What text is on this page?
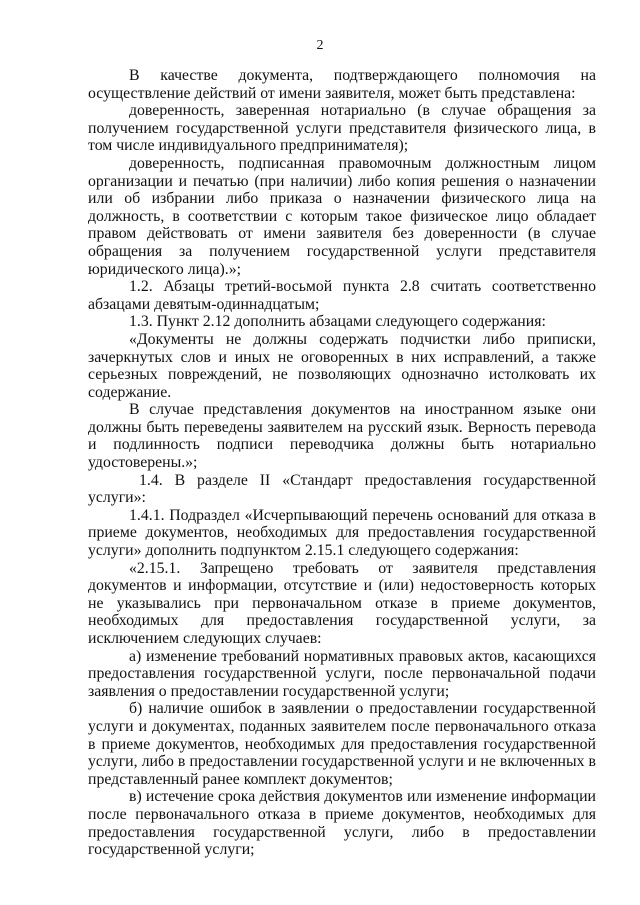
2

В качестве документа, подтверждающего полномочия на осуществление действий от имени заявителя, может быть представлена:

доверенность, заверенная нотариально (в случае обращения за получением государственной услуги представителя физического лица, в том числе индивидуального предпринимателя);

доверенность, подписанная правомочным должностным лицом организации и печатью (при наличии) либо копия решения о назначении или об избрании либо приказа о назначении физического лица на должность, в соответствии с которым такое физическое лицо обладает правом действовать от имени заявителя без доверенности (в случае обращения за получением государственной услуги представителя юридического лица).»;

1.2. Абзацы третий-восьмой пункта 2.8 считать соответственно абзацами девятым-одиннадцатым;

1.3. Пункт 2.12 дополнить абзацами следующего содержания:

«Документы не должны содержать подчистки либо приписки, зачеркнутых слов и иных не оговоренных в них исправлений, а также серьезных повреждений, не позволяющих однозначно истолковать их содержание.

В случае представления документов на иностранном языке они должны быть переведены заявителем на русский язык. Верность перевода и подлинность подписи переводчика должны быть нотариально удостоверены.»;

1.4. В разделе II «Стандарт предоставления государственной услуги»:

1.4.1. Подраздел «Исчерпывающий перечень оснований для отказа в приеме документов, необходимых для предоставления государственной услуги» дополнить подпунктом 2.15.1 следующего содержания:

«2.15.1. Запрещено требовать от заявителя представления документов и информации, отсутствие и (или) недостоверность которых не указывались при первоначальном отказе в приеме документов, необходимых для предоставления государственной услуги, за исключением следующих случаев:

а) изменение требований нормативных правовых актов, касающихся предоставления государственной услуги, после первоначальной подачи заявления о предоставлении государственной услуги;

б) наличие ошибок в заявлении о предоставлении государственной услуги и документах, поданных заявителем после первоначального отказа в приеме документов, необходимых для предоставления государственной услуги, либо в предоставлении государственной услуги и не включенных в представленный ранее комплект документов;

в) истечение срока действия документов или изменение информации после первоначального отказа в приеме документов, необходимых для предоставления государственной услуги, либо в предоставлении государственной услуги;
